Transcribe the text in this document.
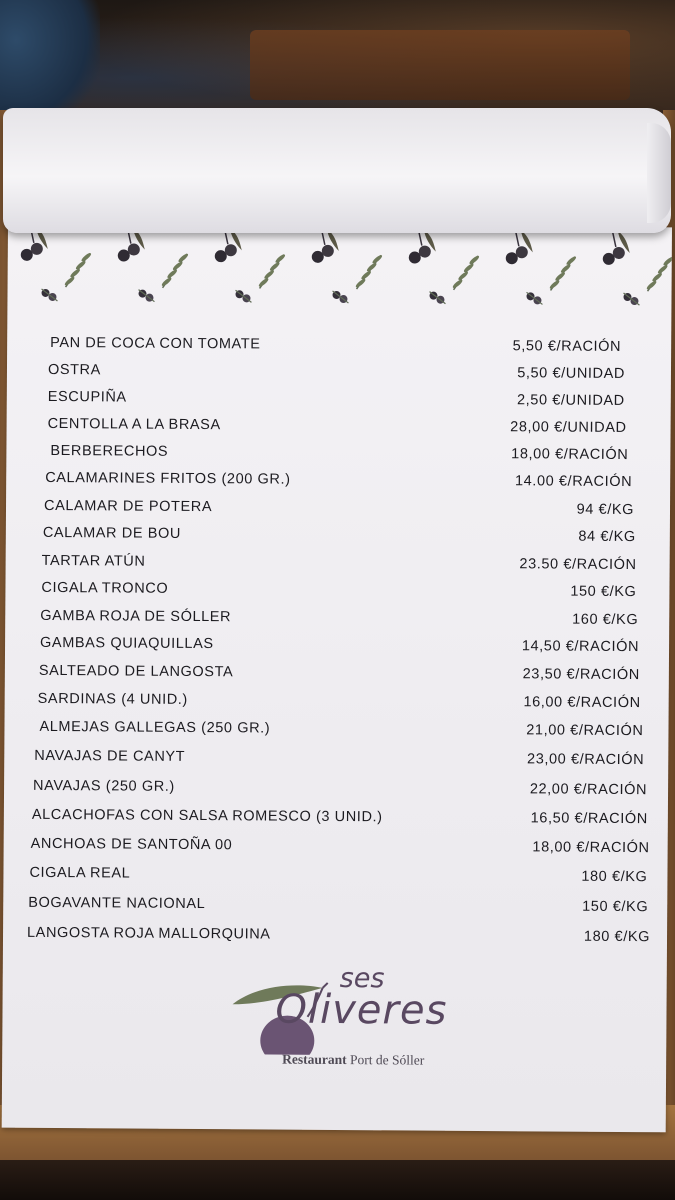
PAN DE COCA CON TOMATE	5,50 €/RACIÓN
OSTRA	5,50 €/UNIDAD
ESCUPIÑA	2,50 €/UNIDAD
CENTOLLA A LA BRASA	28,00 €/UNIDAD
BERBERECHOS	18,00 €/RACIÓN
CALAMARINES FRITOS (200 GR.)	14.00 €/RACIÓN
CALAMAR DE POTERA	94 €/KG
CALAMAR DE BOU	84 €/KG
TARTAR ATÚN	23.50 €/RACIÓN
CIGALA TRONCO	150 €/KG
GAMBA ROJA DE SÓLLER	160 €/KG
GAMBAS QUIAQUILLAS	14,50 €/RACIÓN
SALTEADO DE LANGOSTA	23,50 €/RACIÓN
SARDINAS (4 UNID.)	16,00 €/RACIÓN
ALMEJAS GALLEGAS (250 GR.)	21,00 €/RACIÓN
NAVAJAS DE CANYT	23,00 €/RACIÓN
NAVAJAS (250 GR.)	22,00 €/RACIÓN
ALCACHOFAS CON SALSA ROMESCO (3 UNID.)	16,50 €/RACIÓN
ANCHOAS DE SANTOÑA 00	18,00 €/RACIÓN
CIGALA REAL	180 €/KG
BOGAVANTE NACIONAL	150 €/KG
LANGOSTA ROJA MALLORQUINA	180 €/KG
ses
Oliveres
Restaurant Port de Sóller
